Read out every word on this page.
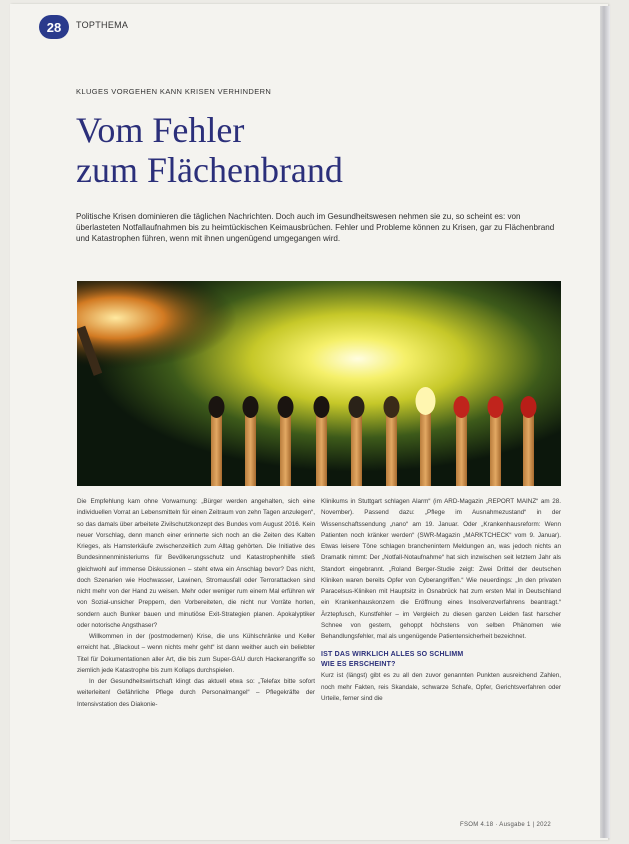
28	TOPTHEMA
KLUGES VORGEHEN KANN KRISEN VERHINDERN
Vom Fehler
zum Flächenbrand
Politische Krisen dominieren die täglichen Nachrichten. Doch auch im Gesundheitswesen nehmen sie zu, so scheint es: von überlasteten Notfallaufnahmen bis zu heimtückischen Keimausbrüchen. Fehler und Probleme können zu Krisen, gar zu Flächenbrand und Katastrophen führen, wenn mit ihnen ungenügend umgegangen wird.

Die Empfehlung kam ohne Vorwarnung: „Bürger werden angehalten, sich eine individuellen Vorrat an Lebensmitteln für einen Zeitraum von zehn Tagen anzulegen“, so das damals über arbeitete Zivilschutzkonzept des Bundes vom August 2016. Kein neuer Vorschlag, denn manch einer erinnerte sich noch an die Zeiten des Kalten Krieges, als Hamsterkäufe zwischenzeitlich zum Alltag gehörten. Die Initiative des Bundesinnenministeriums für Bevölkerungsschutz und Katastrophenhilfe stieß gleichwohl auf immense Diskussionen – steht etwa ein Anschlag bevor? Das nicht, doch Szenarien wie Hochwasser, Lawinen, Stromausfall oder Terrorattacken sind nicht mehr von der Hand zu weisen. Mehr oder weniger rum einem Mal erführen wir von Sozial-unsicher Preppern, den Vorbereiteten, die nicht nur Vorräte horten, sondern auch Bunker bauen und minutiöse Exit-Strategien planen. Apokalyptiker oder notorische Angsthaser?

Willkommen in der (postmodernen) Krise, die uns Kühlschränke und Keller erreicht hat. „Blackout – wenn nichts mehr geht“ ist dann weither auch ein beliebter Titel für Dokumentationen aller Art, die bis zum Super-GAU durch Hackerangriffe so ziemlich jede Katastrophe bis zum Kollaps durchspielen.

In der Gesundheitswirtschaft klingt das aktuell etwa so: „Telefax bitte sofort weiterleiten! Gefährliche Pflege durch Personalmangel“ – Pflegekräfte der Intensivstation des Diakonie-

Klinikums in Stuttgart schlagen Alarm“ (im ARD-Magazin „REPORT MAINZ“ am 28. November). Passend dazu: „Pflege im Ausnahmezustand“ in der Wissenschaftssendung „nano“ am 19. Januar. Oder „Krankenhausreform: Wenn Patienten noch kränker werden“ (SWR-Magazin „MARKTCHECK“ vom 9. Januar). Etwas leisere Töne schlagen branchenintern Meldungen an, was jedoch nichts an Dramatik nimmt: Der „Notfall-Notaufnahme“ hat sich inzwischen seit letztem Jahr als Standort eingebrannt. „Roland Berger-Studie zeigt: Zwei Drittel der deutschen Kliniken waren bereits Opfer von Cyberangriffen.“ Wie neuerdings: „In den privaten Paracelsus-Kliniken mit Hauptsitz in Osnabrück hat zum ersten Mal in Deutschland ein Krankenhauskonzern die Eröffnung eines Insolvenzverfahrens beantragt.“ Ärztepfusch, Kunstfehler – im Vergleich zu diesen ganzen Leiden fast harscher Schnee von gestern, gehoppt höchstens von selben Phänomen wie Behandlungsfehler, mal als ungenügende Patientensicherheit bezeichnet.

IST DAS WIRKLICH ALLES SO SCHLIMM
WIE ES ERSCHEINT?

Kurz ist (längst) gibt es zu all den zuvor genannten Punkten ausreichend Zahlen, noch mehr Fakten, reis Skandale, schwarze Schafe, Opfer, Gerichtsverfahren oder Urteile, ferner sind die

FSOM 4.18 · Ausgabe 1 | 2022
